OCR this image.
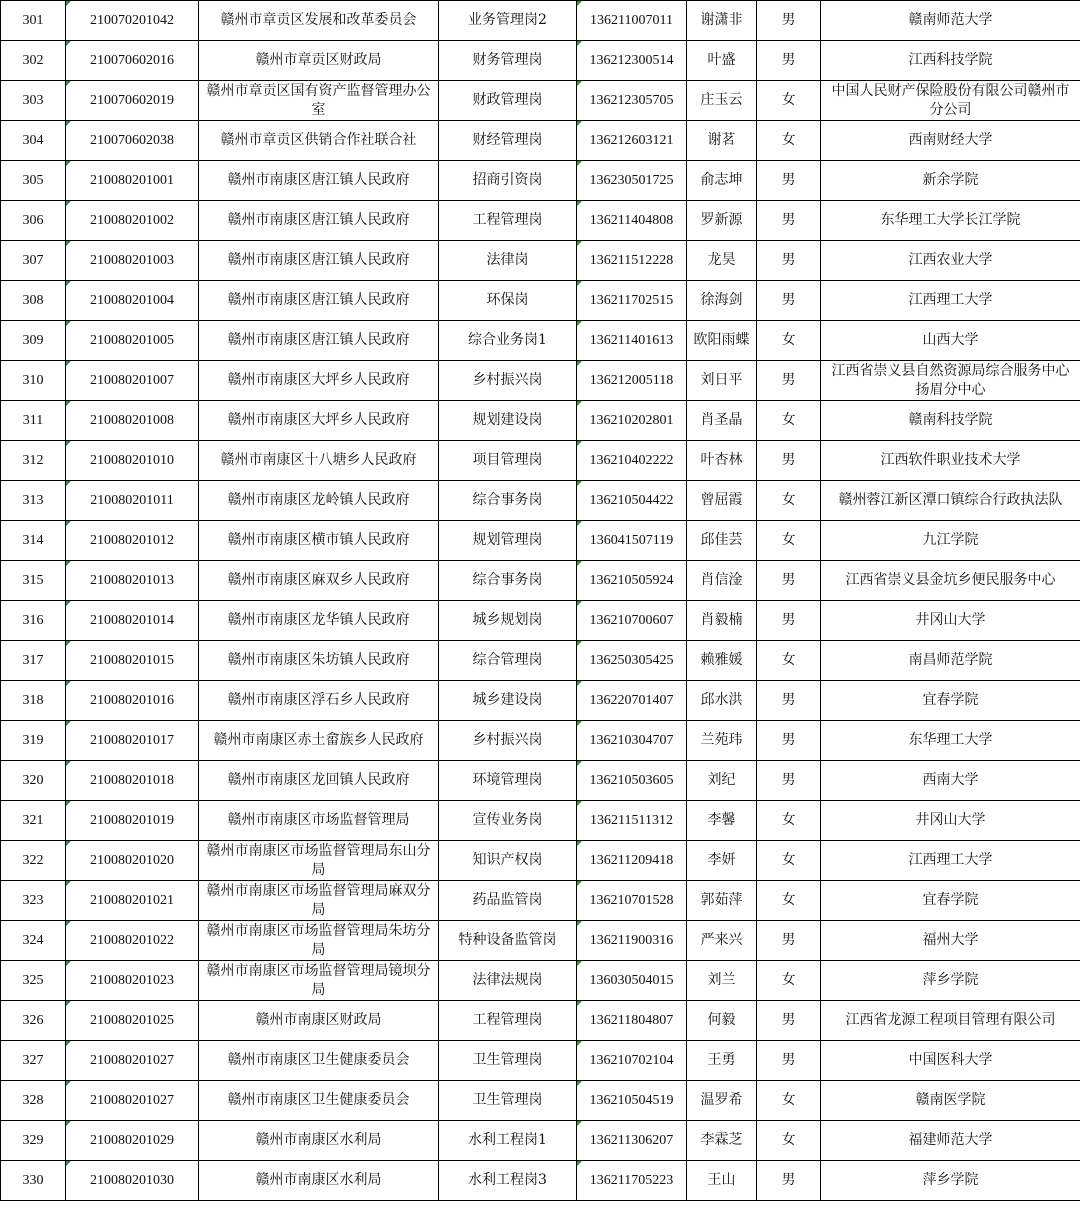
301	210070201042	赣州市章贡区发展和改革委员会	业务管理岗2	136211007011	谢潇非	男	赣南师范大学
302	210070602016	赣州市章贡区财政局	财务管理岗	136212300514	叶盛	男	江西科技学院
303	210070602019	赣州市章贡区国有资产监督管理办公室	财政管理岗	136212305705	庄玉云	女	中国人民财产保险股份有限公司赣州市分公司
304	210070602038	赣州市章贡区供销合作社联合社	财经管理岗	136212603121	谢茗	女	西南财经大学
305	210080201001	赣州市南康区唐江镇人民政府	招商引资岗	136230501725	俞志坤	男	新余学院
306	210080201002	赣州市南康区唐江镇人民政府	工程管理岗	136211404808	罗新源	男	东华理工大学长江学院
307	210080201003	赣州市南康区唐江镇人民政府	法律岗	136211512228	龙昊	男	江西农业大学
308	210080201004	赣州市南康区唐江镇人民政府	环保岗	136211702515	徐海剑	男	江西理工大学
309	210080201005	赣州市南康区唐江镇人民政府	综合业务岗1	136211401613	欧阳雨蝶	女	山西大学
310	210080201007	赣州市南康区大坪乡人民政府	乡村振兴岗	136212005118	刘日平	男	江西省崇义县自然资源局综合服务中心扬眉分中心
311	210080201008	赣州市南康区大坪乡人民政府	规划建设岗	136210202801	肖圣晶	女	赣南科技学院
312	210080201010	赣州市南康区十八塘乡人民政府	项目管理岗	136210402222	叶杏林	男	江西软件职业技术大学
313	210080201011	赣州市南康区龙岭镇人民政府	综合事务岗	136210504422	曾屈霞	女	赣州蓉江新区潭口镇综合行政执法队
314	210080201012	赣州市南康区横市镇人民政府	规划管理岗	136041507119	邱佳芸	女	九江学院
315	210080201013	赣州市南康区麻双乡人民政府	综合事务岗	136210505924	肖信淦	男	江西省崇义县金坑乡便民服务中心
316	210080201014	赣州市南康区龙华镇人民政府	城乡规划岗	136210700607	肖毅楠	男	井冈山大学
317	210080201015	赣州市南康区朱坊镇人民政府	综合管理岗	136250305425	赖雅媛	女	南昌师范学院
318	210080201016	赣州市南康区浮石乡人民政府	城乡建设岗	136220701407	邱水洪	男	宜春学院
319	210080201017	赣州市南康区赤土畲族乡人民政府	乡村振兴岗	136210304707	兰苑玮	男	东华理工大学
320	210080201018	赣州市南康区龙回镇人民政府	环境管理岗	136210503605	刘纪	男	西南大学
321	210080201019	赣州市南康区市场监督管理局	宣传业务岗	136211511312	李馨	女	井冈山大学
322	210080201020	赣州市南康区市场监督管理局东山分局	知识产权岗	136211209418	李妍	女	江西理工大学
323	210080201021	赣州市南康区市场监督管理局麻双分局	药品监管岗	136210701528	郭茹萍	女	宜春学院
324	210080201022	赣州市南康区市场监督管理局朱坊分局	特种设备监管岗	136211900316	严来兴	男	福州大学
325	210080201023	赣州市南康区市场监督管理局镜坝分局	法律法规岗	136030504015	刘兰	女	萍乡学院
326	210080201025	赣州市南康区财政局	工程管理岗	136211804807	何毅	男	江西省龙源工程项目管理有限公司
327	210080201027	赣州市南康区卫生健康委员会	卫生管理岗	136210702104	王勇	男	中国医科大学
328	210080201027	赣州市南康区卫生健康委员会	卫生管理岗	136210504519	温罗希	女	赣南医学院
329	210080201029	赣州市南康区水利局	水利工程岗1	136211306207	李霖芝	女	福建师范大学
330	210080201030	赣州市南康区水利局	水利工程岗3	136211705223	王山	男	萍乡学院
